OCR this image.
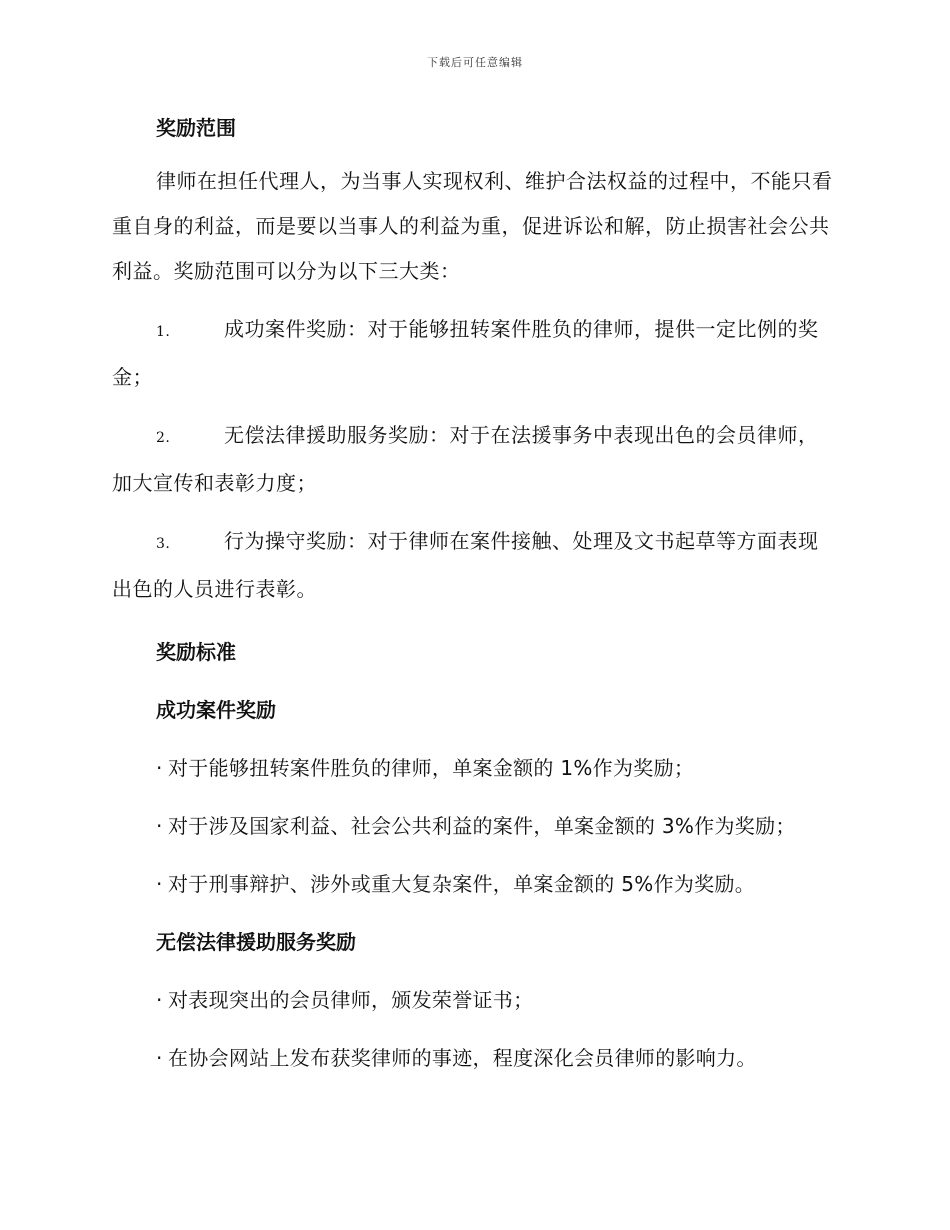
下载后可任意编辑

奖励范围

律师在担任代理人，为当事人实现权利、维护合法权益的过程中，不能只看重自身的利益，而是要以当事人的利益为重，促进诉讼和解，防止损害社会公共利益。奖励范围可以分为以下三大类：

1.	成功案件奖励：对于能够扭转案件胜负的律师，提供一定比例的奖金；

2.	无偿法律援助服务奖励：对于在法援事务中表现出色的会员律师，加大宣传和表彰力度；

3.	行为操守奖励：对于律师在案件接触、处理及文书起草等方面表现出色的人员进行表彰。

奖励标准

成功案件奖励

· 对于能够扭转案件胜负的律师，单案金额的 1%作为奖励；

· 对于涉及国家利益、社会公共利益的案件，单案金额的 3%作为奖励；

· 对于刑事辩护、涉外或重大复杂案件，单案金额的 5%作为奖励。

无偿法律援助服务奖励

· 对表现突出的会员律师，颁发荣誉证书；

· 在协会网站上发布获奖律师的事迹，程度深化会员律师的影响力。
